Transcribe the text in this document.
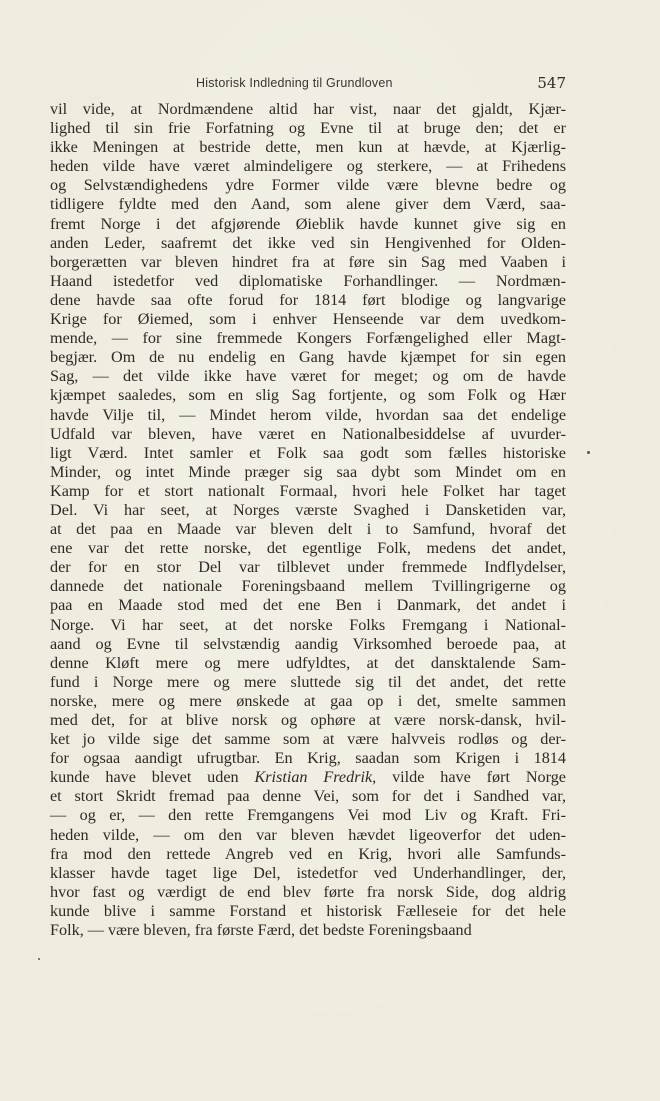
Historisk Indledning til Grundloven	547
vil vide, at Nordmændene altid har vist, naar det gjaldt, Kjær-
lighed til sin frie Forfatning og Evne til at bruge den; det er
ikke Meningen at bestride dette, men kun at hævde, at Kjærlig-
heden vilde have været almindeligere og sterkere, — at Frihedens
og Selvstændighedens ydre Former vilde være blevne bedre og
tidligere fyldte med den Aand, som alene giver dem Værd, saa-
fremt Norge i det afgjørende Øieblik havde kunnet give sig en
anden Leder, saafremt det ikke ved sin Hengivenhed for Olden-
borgerætten var bleven hindret fra at føre sin Sag med Vaaben i
Haand istedetfor ved diplomatiske Forhandlinger. — Nordmæn-
dene havde saa ofte forud for 1814 ført blodige og langvarige
Krige for Øiemed, som i enhver Henseende var dem uvedkom-
mende, — for sine fremmede Kongers Forfængelighed eller Magt-
begjær. Om de nu endelig en Gang havde kjæmpet for sin egen
Sag, — det vilde ikke have været for meget; og om de havde
kjæmpet saaledes, som en slig Sag fortjente, og som Folk og Hær
havde Vilje til, — Mindet herom vilde, hvordan saa det endelige
Udfald var bleven, have været en Nationalbesiddelse af uvurder-
ligt Værd. Intet samler et Folk saa godt som fælles historiske
Minder, og intet Minde præger sig saa dybt som Mindet om en
Kamp for et stort nationalt Formaal, hvori hele Folket har taget
Del. Vi har seet, at Norges værste Svaghed i Dansketiden var,
at det paa en Maade var bleven delt i to Samfund, hvoraf det
ene var det rette norske, det egentlige Folk, medens det andet,
der for en stor Del var tilblevet under fremmede Indflydelser,
dannede det nationale Foreningsbaand mellem Tvillingrigerne og
paa en Maade stod med det ene Ben i Danmark, det andet i
Norge. Vi har seet, at det norske Folks Fremgang i National-
aand og Evne til selvstændig aandig Virksomhed beroede paa, at
denne Kløft mere og mere udfyldtes, at det dansktalende Sam-
fund i Norge mere og mere sluttede sig til det andet, det rette
norske, mere og mere ønskede at gaa op i det, smelte sammen
med det, for at blive norsk og ophøre at være norsk-dansk, hvil-
ket jo vilde sige det samme som at være halvveis rodløs og der-
for ogsaa aandigt ufrugtbar. En Krig, saadan som Krigen i 1814
kunde have blevet uden Kristian Fredrik, vilde have ført Norge
et stort Skridt fremad paa denne Vei, som for det i Sandhed var,
— og er, — den rette Fremgangens Vei mod Liv og Kraft. Fri-
heden vilde, — om den var bleven hævdet ligeoverfor det uden-
fra mod den rettede Angreb ved en Krig, hvori alle Samfunds-
klasser havde taget lige Del, istedetfor ved Underhandlinger, der,
hvor fast og værdigt de end blev førte fra norsk Side, dog aldrig
kunde blive i samme Forstand et historisk Fælleseie for det hele
Folk, — være bleven, fra første Færd, det bedste Foreningsbaand
